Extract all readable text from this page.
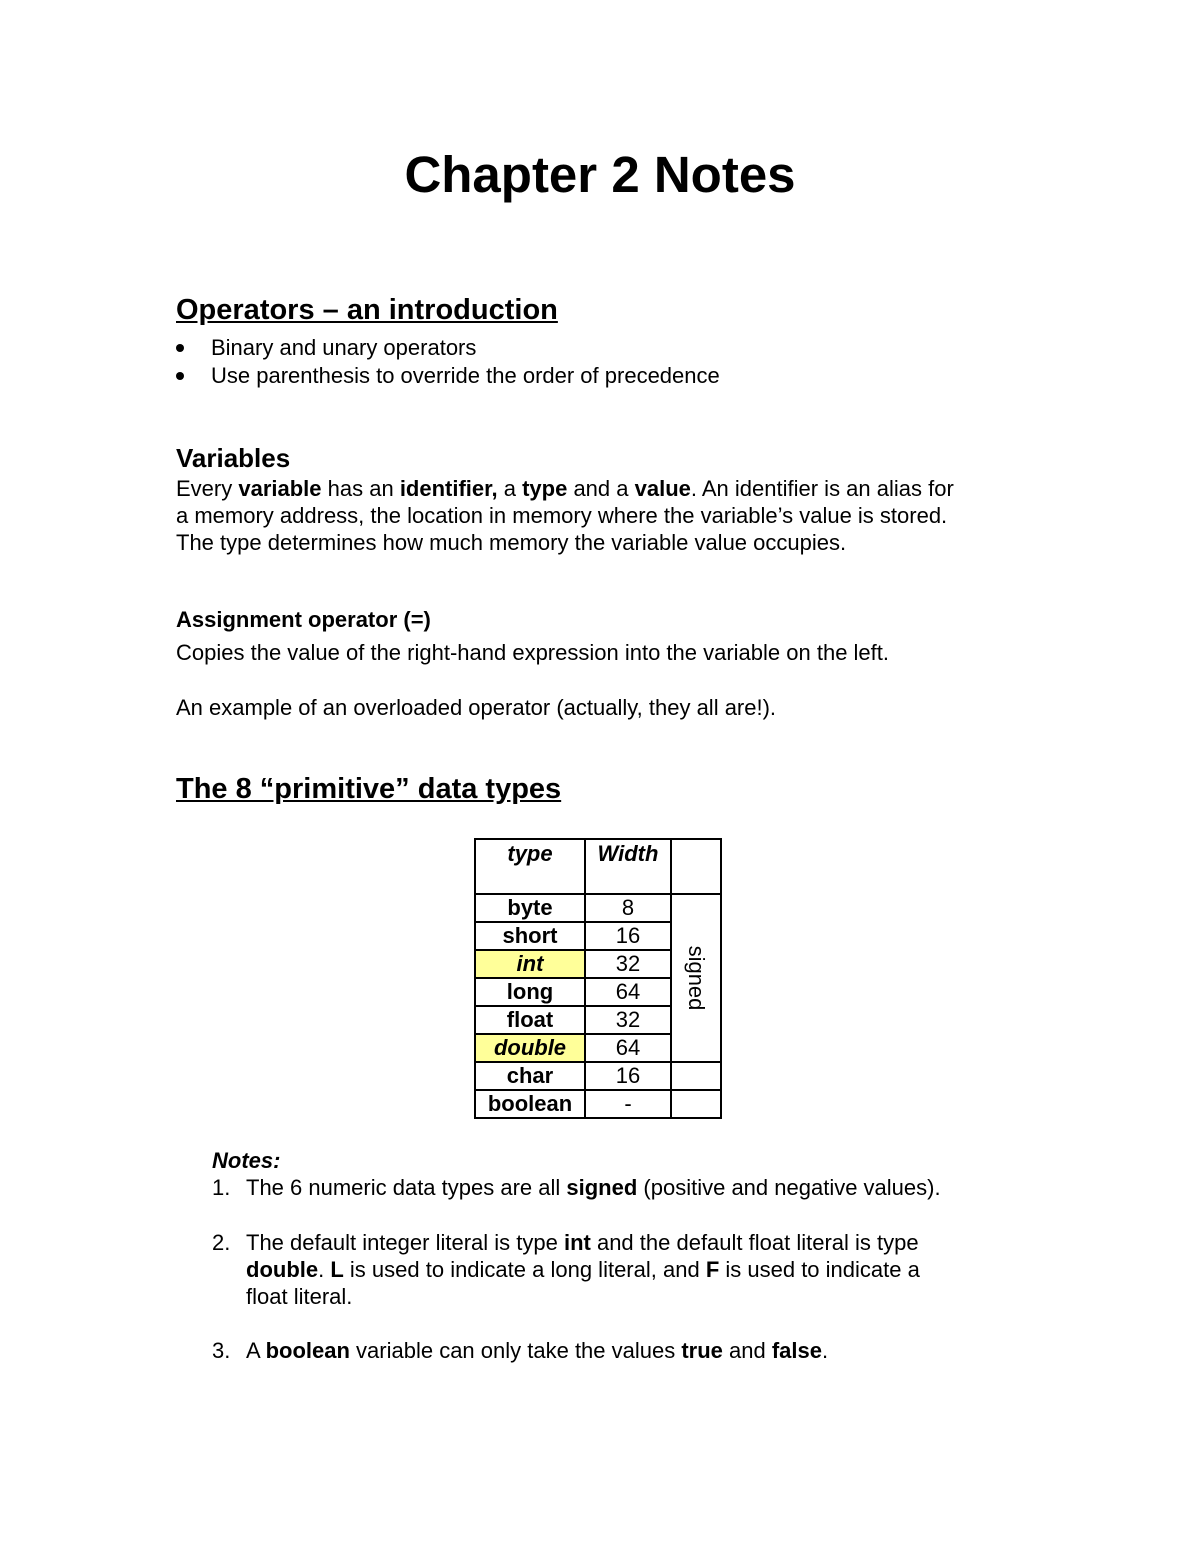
Chapter 2 Notes
Operators – an introduction
Binary and unary operators
Use parenthesis to override the order of precedence
Variables
Every variable has an identifier, a type and a value. An identifier is an alias for
a memory address, the location in memory where the variable’s value is stored.
The type determines how much memory the variable value occupies.
Assignment operator (=)
Copies the value of the right-hand expression into the variable on the left.
An example of an overloaded operator (actually, they all are!).
The 8 “primitive” data types
type	Width	
byte	8	signed

short	16	
int	32	
long	64	
float	32	
double	64	
char	16	
boolean	-	
Notes:
1. The 6 numeric data types are all signed (positive and negative values).
2. The default integer literal is type int and the default float literal is type
double. L is used to indicate a long literal, and F is used to indicate a
float literal.
3. A boolean variable can only take the values true and false.
